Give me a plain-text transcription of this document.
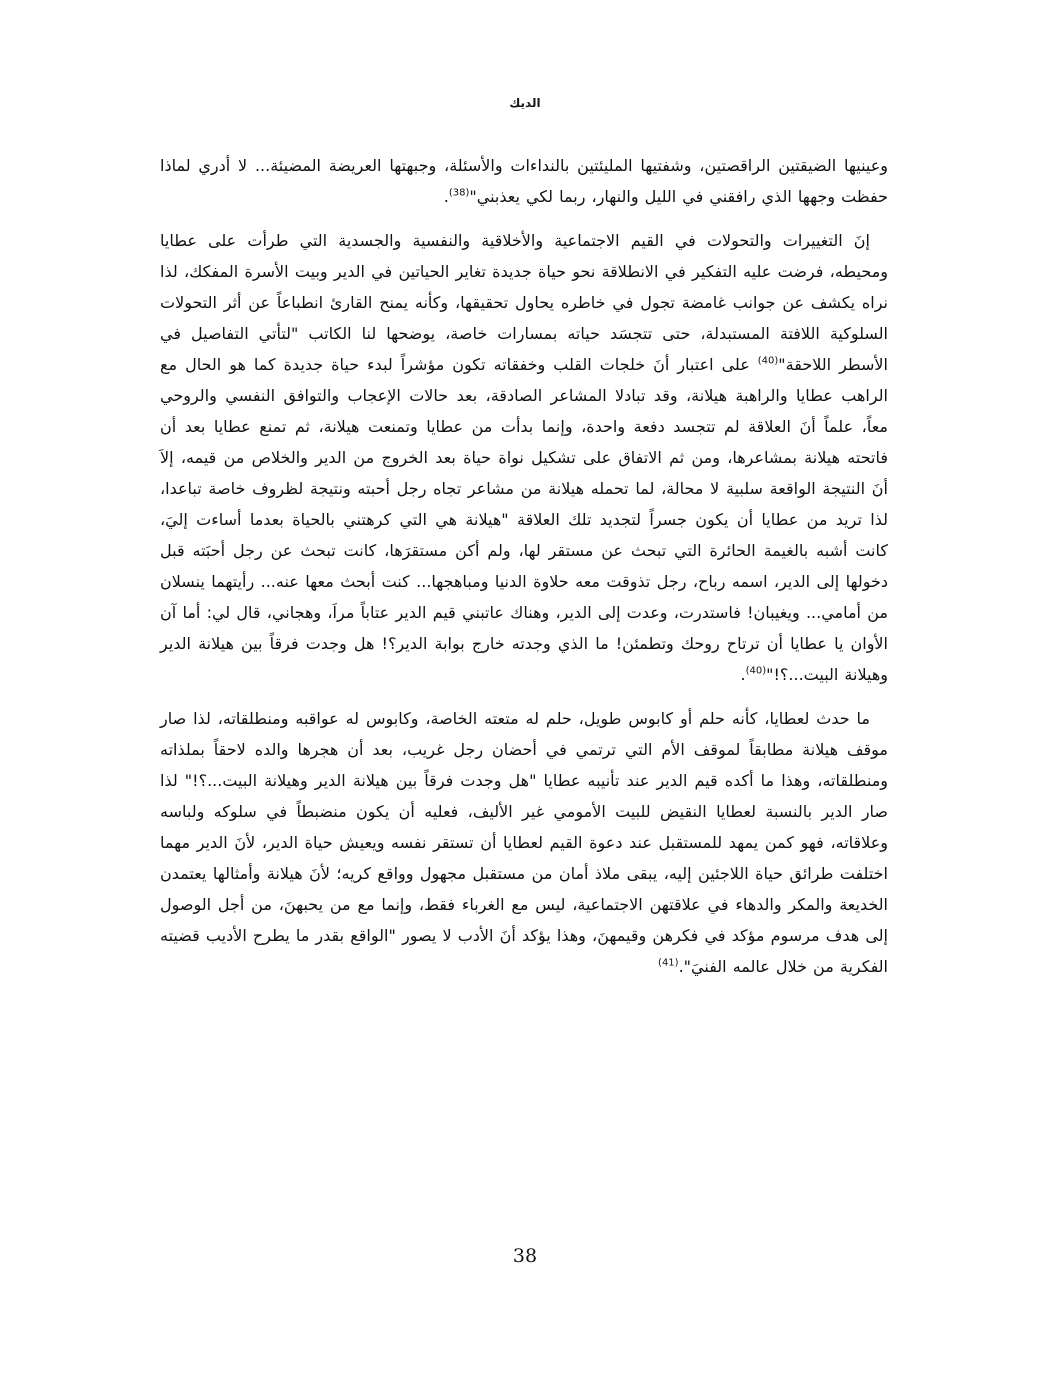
الديك

وعينيها الضيقتين الراقصتين، وشفتيها المليئتين بالنداءات والأسئلة، وجبهتها العريضة المضيئة... لا أدري لماذا حفظت وجهها الذي رافقني في الليل والنهار، ربما لكي يعذبني"$^{(38)}$.

إنَ التغييرات والتحولات في القيم الاجتماعية والأخلاقية والنفسية والجسدية التي طرأت على عطايا ومحيطه، فرضت عليه التفكير في الانطلاقة نحو حياة جديدة تغاير الحياتين في الدير وبيت الأسرة المفكك، لذا نراه يكشف عن جوانب غامضة تجول في خاطره يحاول تحقيقها، وكأنه يمنح القارئ انطباعاً عن أثر التحولات السلوكية اللافتة المستبدلة، حتى تتجسَد حياته بمسارات خاصة، يوضحها لنا الكاتب "لتأتي التفاصيل في الأسطر اللاحقة"$^{(40)}$ على اعتبار أنَ خلجات القلب وخفقاته تكون مؤشراً لبدء حياة جديدة كما هو الحال مع الراهب عطايا والراهبة هيلانة، وقد تبادلا المشاعر الصادقة، بعد حالات الإعجاب والتوافق النفسي والروحي معاً، علماً أنَ العلاقة لم تتجسد دفعة واحدة، وإنما بدأت من عطايا وتمنعت هيلانة، ثم تمنع عطايا بعد أن فاتحته هيلانة بمشاعرها، ومن ثم الاتفاق على تشكيل نواة حياة بعد الخروج من الدير والخلاص من قيمه، إلاَ أنَ النتيجة الواقعة سلبية لا محالة، لما تحمله هيلانة من مشاعر تجاه رجل أحبته ونتيجة لظروف خاصة تباعدا، لذا تريد من عطايا أن يكون جسراً لتجديد تلك العلاقة "هيلانة هي التي كرهتني بالحياة بعدما أساءت إليَ، كانت أشبه بالغيمة الحائرة التي تبحث عن مستقر لها، ولم أكن مستقرَها، كانت تبحث عن رجل أحبَته قبل دخولها إلى الدير، اسمه رباح، رجل تذوقت معه حلاوة الدنيا ومباهجها... كنت أبحث معها عنه... رأيتهما ينسلان من أمامي... ويغيبان! فاستدرت، وعدت إلى الدير، وهناك عاتبني قيم الدير عتاباً مراَ، وهجاني، قال لي: أما آن الأوان يا عطايا أن ترتاح روحك وتطمئن! ما الذي وجدته خارج بوابة الدير؟! هل وجدت فرقاً بين هيلانة الدير وهيلانة البيت...؟!"$^{(40)}$.

ما حدث لعطايا، كأنه حلم أو كابوس طويل، حلم له متعته الخاصة، وكابوس له عواقبه ومنطلقاته، لذا صار موقف هيلانة مطابقاً لموقف الأم التي ترتمي في أحضان رجل غريب، بعد أن هجرها والده لاحقاً بملذاته ومنطلقاته، وهذا ما أكده قيم الدير عند تأنيبه عطايا "هل وجدت فرقاً بين هيلانة الدير وهيلانة البيت...؟!" لذا صار الدير بالنسبة لعطايا النقيض للبيت الأمومي غير الأليف، فعليه أن يكون منضبطاً في سلوكه ولباسه وعلاقاته، فهو كمن يمهد للمستقبل عند دعوة القيم لعطايا أن تستقر نفسه ويعيش حياة الدير، لأنَ الدير مهما اختلفت طرائق حياة اللاجئين إليه، يبقى ملاذ أمان من مستقبل مجهول وواقع كريه؛ لأنَ هيلانة وأمثالها يعتمدن الخديعة والمكر والدهاء في علاقتهن الاجتماعية، ليس مع الغرباء فقط، وإنما مع من يحبهنَ، من أجل الوصول إلى هدف مرسوم مؤكد في فكرهن وقيمهنَ، وهذا يؤكد أنَ الأدب لا يصور "الواقع بقدر ما يطرح الأديب قضيته الفكرية من خلال عالمه الفنيَ".$^{(41)}$

38
